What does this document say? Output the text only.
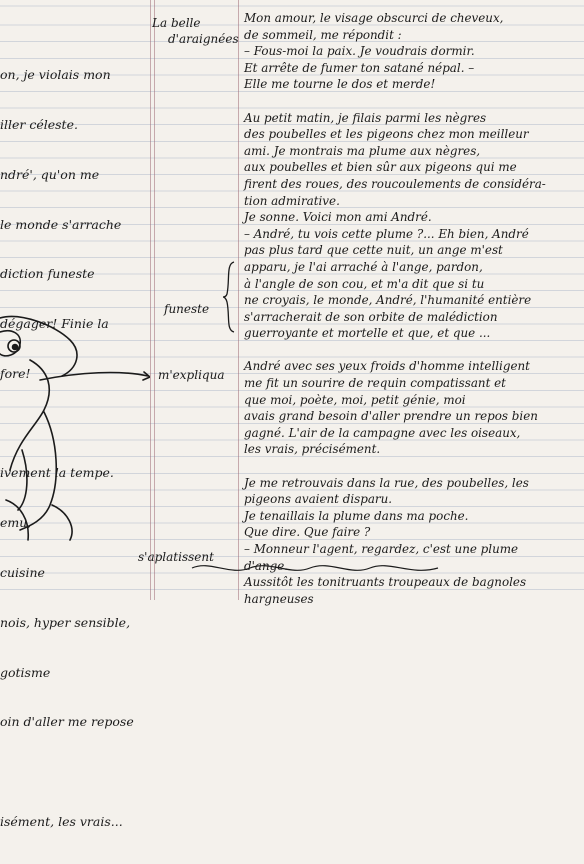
on, je violais mon

iller céleste.

ndré', qu'on me

le monde s'arrache

diction funeste

dégager! Finie la

fore!

ivement la tempe.

emu,

cuisine

nois, hyper sensible,

gotisme

oin d'aller me repose

isément, les vrais...

La belle
d'araignées
funeste
m'expliqua
s'aplatissent
Mon amour, le visage obscurci de cheveux,
de sommeil, me répondit :
– Fous-moi la paix. Je voudrais dormir.
Et arrête de fumer ton satané népal. –
Elle me tourne le dos et merde!
Au petit matin, je filais parmi les nègres
des poubelles et les pigeons chez mon meilleur
ami. Je montrais ma plume aux nègres,
aux poubelles et bien sûr aux pigeons qui me
firent des roues, des roucoulements de considéra-
tion admirative.
Je sonne. Voici mon ami André.
– André, tu vois cette plume ?... Eh bien, André
pas plus tard que cette nuit, un ange m'est
apparu, je l'ai arraché à l'ange, pardon,
à l'angle de son cou, et m'a dit que si tu
ne croyais, le monde, André, l'humanité entière
s'arracherait de son orbite de malédiction
guerroyante et mortelle et que, et que ...
André avec ses yeux froids d'homme intelligent
me fit un sourire de requin compatissant et
que moi, poète, moi, petit génie, moi
avais grand besoin d'aller prendre un repos bien
gagné. L'air de la campagne avec les oiseaux,
les vrais, précisément.
Je me retrouvais dans la rue, des poubelles, les
pigeons avaient disparu.
Je tenaillais la plume dans ma poche.
Que dire. Que faire ?
– Monneur l'agent, regardez, c'est une plume
d'ange.
Aussitôt les tonitruants troupeaux de bagnoles
hargneuses
